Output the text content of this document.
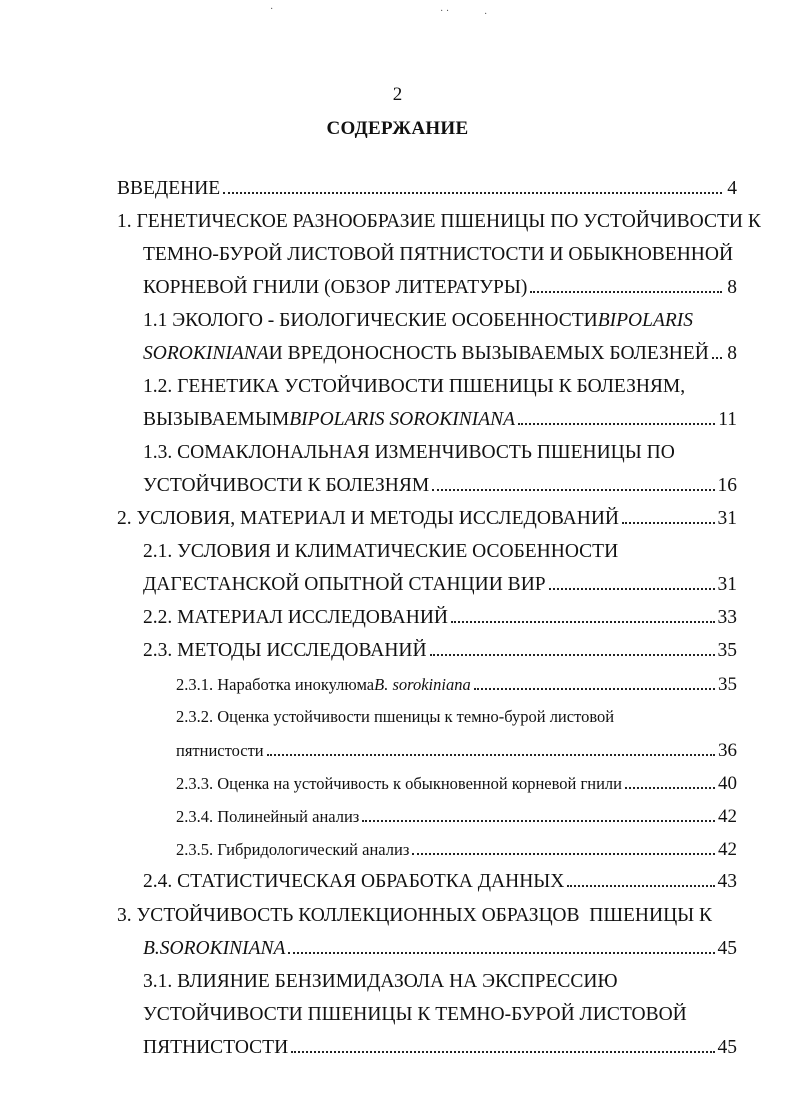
·	· ·	·
2
СОДЕРЖАНИЕ
ВВЕДЕНИЕ	4
1. ГЕНЕТИЧЕСКОЕ РАЗНООБРАЗИЕ ПШЕНИЦЫ ПО УСТОЙЧИВОСТИ К
ТЕМНО-БУРОЙ ЛИСТОВОЙ ПЯТНИСТОСТИ И ОБЫКНОВЕННОЙ
КОРНЕВОЙ ГНИЛИ (ОБЗОР ЛИТЕРАТУРЫ)	8
1.1 ЭКОЛОГО - БИОЛОГИЧЕСКИЕ ОСОБЕННОСТИ BIPOLARIS
SOROKINIANA И ВРЕДОНОСНОСТЬ ВЫЗЫВАЕМЫХ БОЛЕЗНЕЙ 8
1.2. ГЕНЕТИКА УСТОЙЧИВОСТИ ПШЕНИЦЫ К БОЛЕЗНЯМ,
ВЫЗЫВАЕМЫМ BIPOLARIS SOROKINIANA	11
1.3. СОМАКЛОНАЛЬНАЯ ИЗМЕНЧИВОСТЬ ПШЕНИЦЫ ПО
УСТОЙЧИВОСТИ К БОЛЕЗНЯМ	16
2. УСЛОВИЯ, МАТЕРИАЛ И МЕТОДЫ ИССЛЕДОВАНИЙ	31
2.1. УСЛОВИЯ И КЛИМАТИЧЕСКИЕ ОСОБЕННОСТИ
ДАГЕСТАНСКОЙ ОПЫТНОЙ СТАНЦИИ ВИР	31
2.2. МАТЕРИАЛ ИССЛЕДОВАНИЙ	33
2.3. МЕТОДЫ ИССЛЕДОВАНИЙ	35
2.3.1. Наработка инокулюма B. sorokiniana	35
2.3.2. Оценка устойчивости пшеницы к темно-бурой листовой
пятнистости	36
2.3.3. Оценка на устойчивость к обыкновенной корневой гнили	40
2.3.4. Полинейный анализ	42
2.3.5. Гибридологический анализ	42
2.4. СТАТИСТИЧЕСКАЯ ОБРАБОТКА ДАННЫХ	43
3. УСТОЙЧИВОСТЬ КОЛЛЕКЦИОННЫХ ОБРАЗЦОВ  ПШЕНИЦЫ К
B.SOROKINIANA	45
3.1. ВЛИЯНИЕ БЕНЗИМИДАЗОЛА НА ЭКСПРЕССИЮ
УСТОЙЧИВОСТИ ПШЕНИЦЫ К ТЕМНО-БУРОЙ ЛИСТОВОЙ
ПЯТНИСТОСТИ	45
